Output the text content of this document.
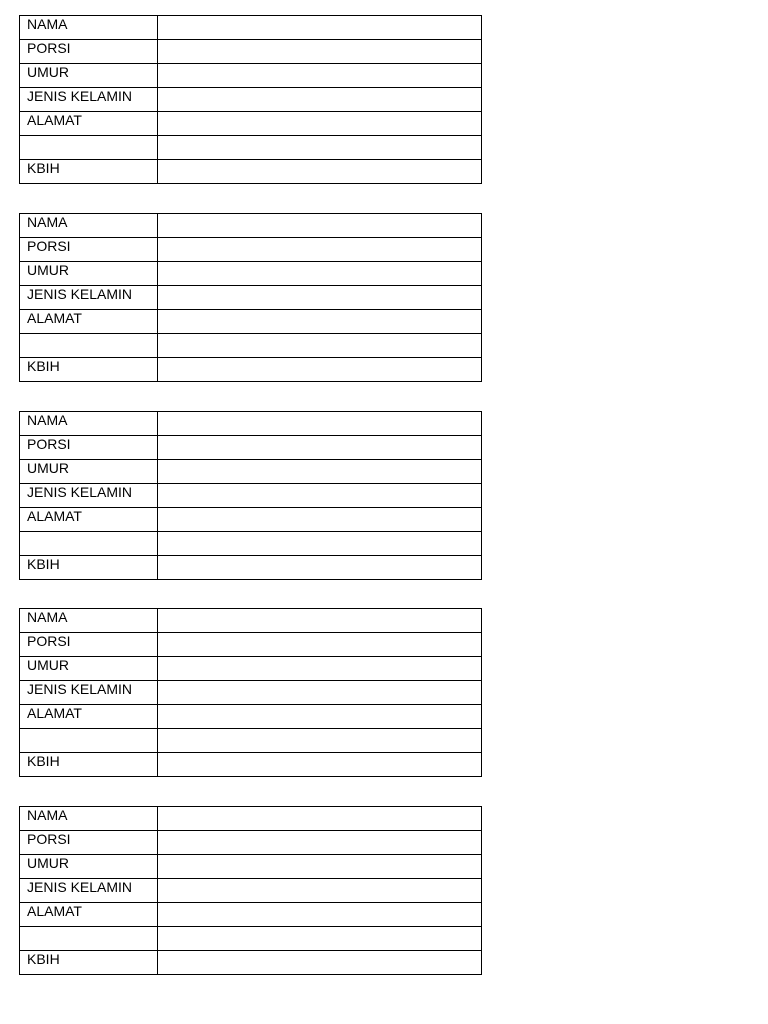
NAMA	
PORSI	
UMUR	
JENIS KELAMIN	
ALAMAT	

KBIH	
NAMA	
PORSI	
UMUR	
JENIS KELAMIN	
ALAMAT	

KBIH	
NAMA	
PORSI	
UMUR	
JENIS KELAMIN	
ALAMAT	

KBIH	
NAMA	
PORSI	
UMUR	
JENIS KELAMIN	
ALAMAT	

KBIH	
NAMA	
PORSI	
UMUR	
JENIS KELAMIN	
ALAMAT	

KBIH	
